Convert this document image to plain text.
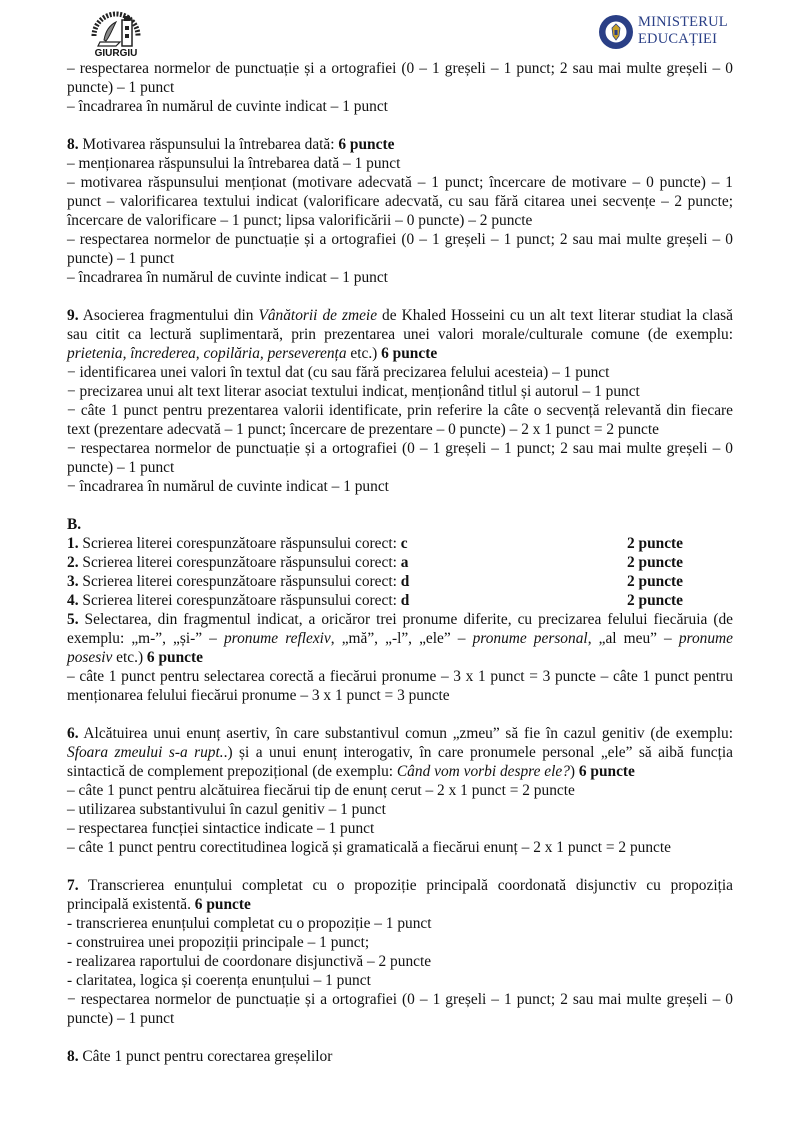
GIURGIU
MINISTERUL
EDUCAȚIEI

– respectarea normelor de punctuație și a ortografiei (0 – 1 greșeli – 1 punct; 2 sau mai multe greșeli – 0 puncte) – 1 punct

– încadrarea în numărul de cuvinte indicat – 1 punct

8. Motivarea răspunsului la întrebarea dată: 6 puncte

– menționarea răspunsului la întrebarea dată – 1 punct

– motivarea răspunsului menționat (motivare adecvată – 1 punct; încercare de motivare – 0 puncte) – 1 punct – valorificarea textului indicat (valorificare adecvată, cu sau fără citarea unei secvențe – 2 puncte; încercare de valorificare – 1 punct; lipsa valorificării – 0 puncte) – 2 puncte

– respectarea normelor de punctuație și a ortografiei (0 – 1 greșeli – 1 punct; 2 sau mai multe greșeli – 0 puncte) – 1 punct

– încadrarea în numărul de cuvinte indicat – 1 punct

9. Asocierea fragmentului din Vânătorii de zmeie de Khaled Hosseini cu un alt text literar studiat la clasă sau citit ca lectură suplimentară, prin prezentarea unei valori morale/culturale comune (de exemplu: prietenia, încrederea, copilăria, perseverența etc.) 6 puncte

− identificarea unei valori în textul dat (cu sau fără precizarea felului acesteia) – 1 punct

− precizarea unui alt text literar asociat textului indicat, menționând titlul și autorul – 1 punct

− câte 1 punct pentru prezentarea valorii identificate, prin referire la câte o secvență relevantă din fiecare text (prezentare adecvată – 1 punct; încercare de prezentare – 0 puncte) – 2 x 1 punct = 2 puncte

− respectarea normelor de punctuație și a ortografiei (0 – 1 greșeli – 1 punct; 2 sau mai multe greșeli – 0 puncte) – 1 punct

− încadrarea în numărul de cuvinte indicat – 1 punct

B.

1. Scrierea literei corespunzătoare răspunsului corect: c	2 puncte
2. Scrierea literei corespunzătoare răspunsului corect: a	2 puncte
3. Scrierea literei corespunzătoare răspunsului corect: d	2 puncte
4. Scrierea literei corespunzătoare răspunsului corect: d	2 puncte

5. Selectarea, din fragmentul indicat, a oricăror trei pronume diferite, cu precizarea felului fiecăruia (de exemplu: „m-”, „și-” – pronume reflexiv, „mă”, „-l”, „ele” – pronume personal, „al meu” – pronume posesiv etc.) 6 puncte

– câte 1 punct pentru selectarea corectă a fiecărui pronume – 3 x 1 punct = 3 puncte – câte 1 punct pentru menționarea felului fiecărui pronume – 3 x 1 punct = 3 puncte

6. Alcătuirea unui enunț asertiv, în care substantivul comun „zmeu” să fie în cazul genitiv (de exemplu: Sfoara zmeului s-a rupt..) și a unui enunț interogativ, în care pronumele personal „ele” să aibă funcția sintactică de complement prepozițional (de exemplu: Când vom vorbi despre ele?) 6 puncte

– câte 1 punct pentru alcătuirea fiecărui tip de enunț cerut – 2 x 1 punct = 2 puncte

– utilizarea substantivului în cazul genitiv – 1 punct

– respectarea funcției sintactice indicate – 1 punct

– câte 1 punct pentru corectitudinea logică și gramaticală a fiecărui enunț – 2 x 1 punct = 2 puncte

7. Transcrierea enunțului completat cu o propoziție principală coordonată disjunctiv cu propoziția principală existentă. 6 puncte

- transcrierea enunțului completat cu o propoziție – 1 punct

- construirea unei propoziții principale – 1 punct;

- realizarea raportului de coordonare disjunctivă – 2 puncte

- claritatea, logica și coerența enunțului – 1 punct

− respectarea normelor de punctuație și a ortografiei (0 – 1 greșeli – 1 punct; 2 sau mai multe greșeli – 0 puncte) – 1 punct

8. Câte 1 punct pentru corectarea greșelilor
